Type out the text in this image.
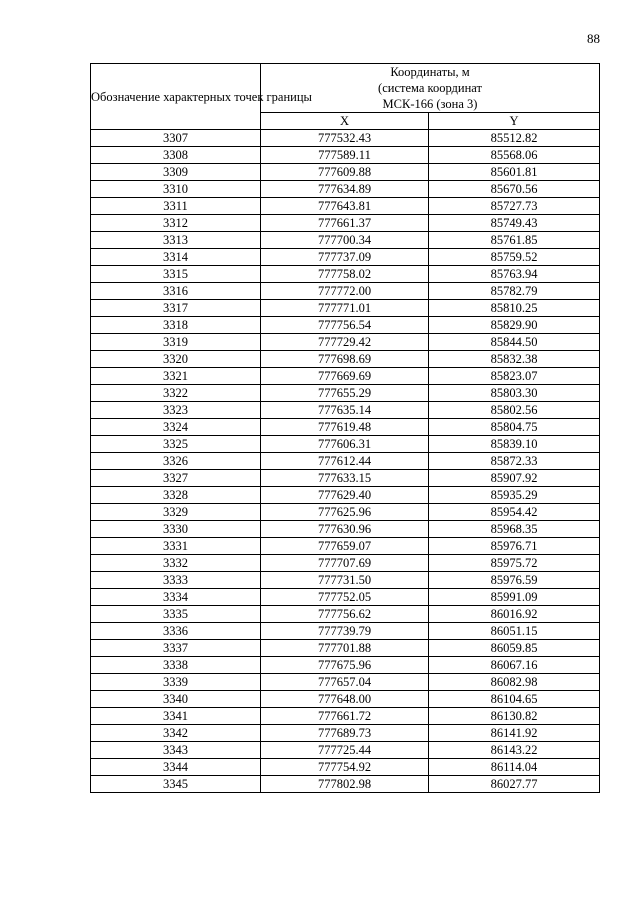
88
Обозначение характерных точек границы	Координаты, м
(система координат
МСК-166 (зона 3)	
	X	Y
3307	777532.43	85512.82
3308	777589.11	85568.06
3309	777609.88	85601.81
3310	777634.89	85670.56
3311	777643.81	85727.73
3312	777661.37	85749.43
3313	777700.34	85761.85
3314	777737.09	85759.52
3315	777758.02	85763.94
3316	777772.00	85782.79
3317	777771.01	85810.25
3318	777756.54	85829.90
3319	777729.42	85844.50
3320	777698.69	85832.38
3321	777669.69	85823.07
3322	777655.29	85803.30
3323	777635.14	85802.56
3324	777619.48	85804.75
3325	777606.31	85839.10
3326	777612.44	85872.33
3327	777633.15	85907.92
3328	777629.40	85935.29
3329	777625.96	85954.42
3330	777630.96	85968.35
3331	777659.07	85976.71
3332	777707.69	85975.72
3333	777731.50	85976.59
3334	777752.05	85991.09
3335	777756.62	86016.92
3336	777739.79	86051.15
3337	777701.88	86059.85
3338	777675.96	86067.16
3339	777657.04	86082.98
3340	777648.00	86104.65
3341	777661.72	86130.82
3342	777689.73	86141.92
3343	777725.44	86143.22
3344	777754.92	86114.04
3345	777802.98	86027.77
